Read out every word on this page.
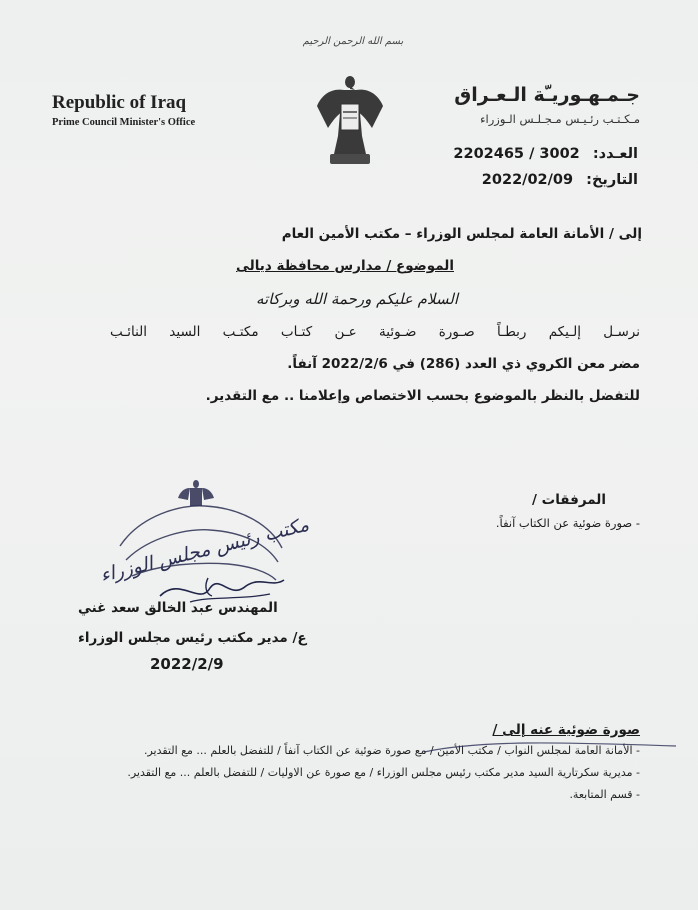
بسم الله الرحمن الرحيم
Republic of Iraq
Prime Council Minister's Office
جـمـهـوريـّة الـعـراق
مـكـتـب رئـيـس مـجـلـس الـوزراء
العـدد: 2202465 / 3002
التاريخ: 2022/02/09
إلى / الأمانة العامة لمجلس الوزراء – مكتب الأمين العام
الموضوع / مدارس محافظة ديالى
السلام عليكم ورحمة الله وبركاته
نرسـل إلـيكم ربطـاً صـورة ضـوئية عـن كتـاب مكتـب السيد النائـب
مضر معن الكروي ذي العدد (286) في 2022/2/6 آنفاً.
للتفضل بالنظر بالموضوع بحسب الاختصاص وإعلامنا .. مع التقدير.
المرفقات /
- صورة ضوئية عن الكتاب آنفاً.
مكتب رئيس مجلس الوزراء
المهندس عبد الخالق سعد غني
ع/ مدير مكتب رئيس مجلس الوزراء
2022/2/9
صورة ضوئية عنه إلى /
- الأمانة العامة لمجلس النواب / مكتب الأمين / مع صورة ضوئية عن الكتاب آنفاً / للتفضل بالعلم ... مع التقدير.
- مديرية سكرتارية السيد مدير مكتب رئيس مجلس الوزراء / مع صورة عن الاوليات / للتفضل بالعلم ... مع التقدير.
- قسم المتابعة.
